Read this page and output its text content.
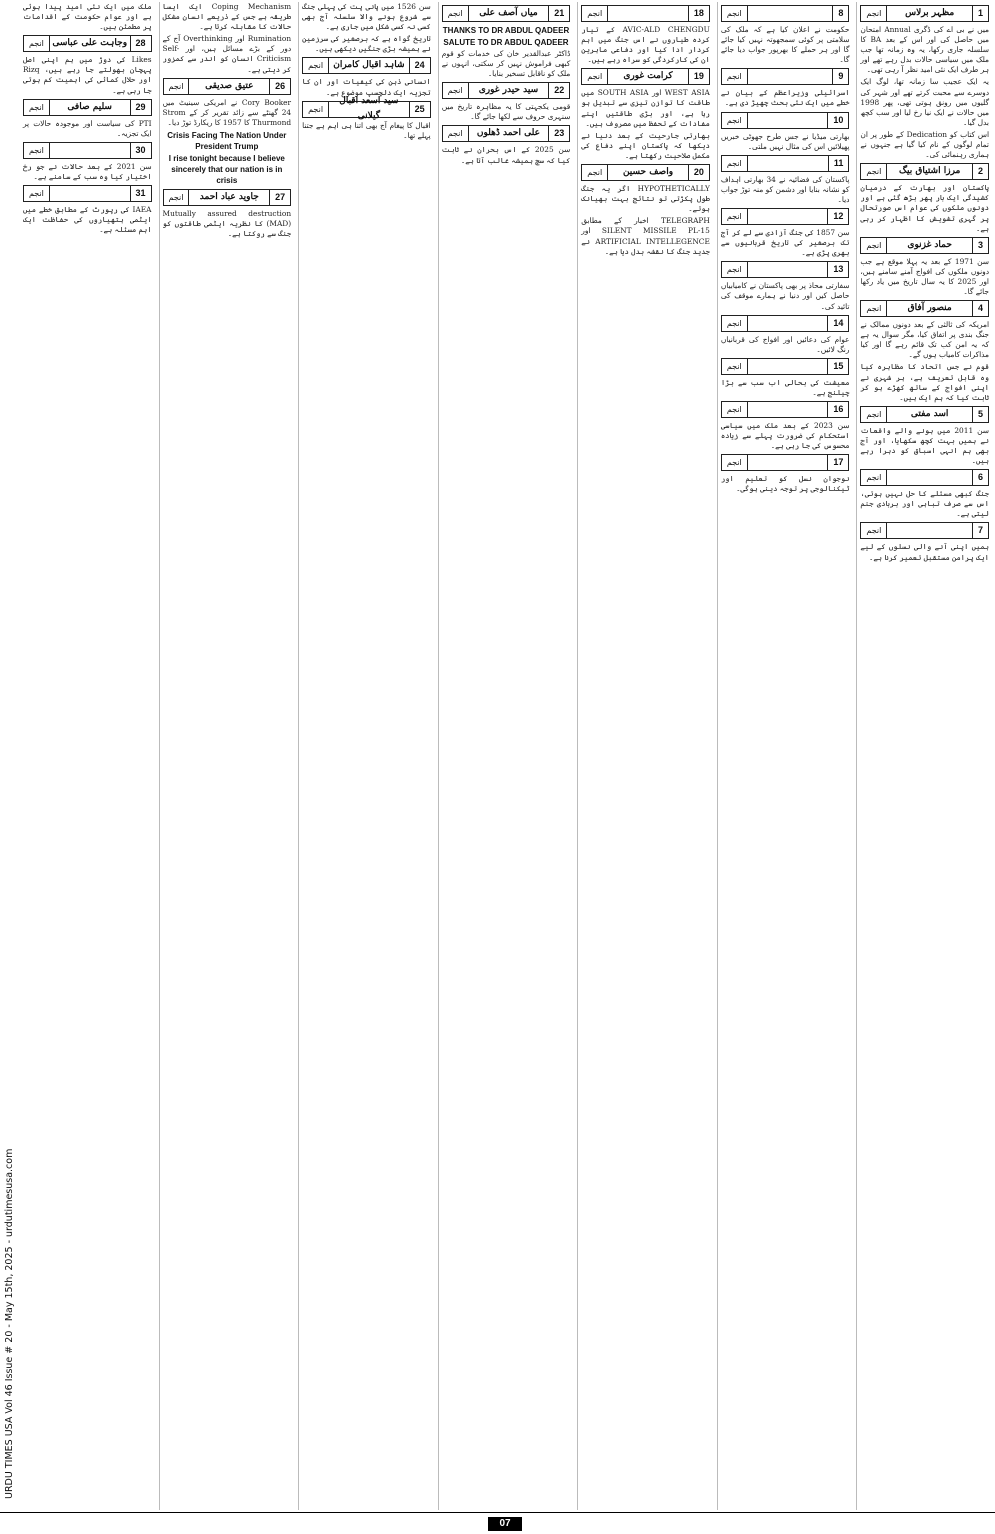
URDU TIMES USA Vol 46 Issue # 20 - May 15th, 2025 - urdutimesusa.com
1
مظہر برلاس
انجم

میں نے بی اے کی ڈگری Annual امتحان میں حاصل کی اور اس کے بعد BA کا سلسلہ جاری رکھا، یہ وہ زمانہ تھا جب ملک میں سیاسی حالات بدل رہے تھے اور ہر طرف ایک نئی امید نظر آ رہی تھی۔

یہ ایک عجیب سا زمانہ تھا، لوگ ایک دوسرے سے محبت کرتے تھے اور شہر کی گلیوں میں رونق ہوتی تھی، پھر 1998 میں حالات نے ایک نیا رخ لیا اور سب کچھ بدل گیا۔

اس کتاب کو Dedication کے طور پر ان تمام لوگوں کے نام کیا گیا ہے جنہوں نے ہماری رہنمائی کی۔

2
مرزا اشتیاق بیگ
انجم

پاکستان اور بھارت کے درمیان کشیدگی ایک بار پھر بڑھ گئی ہے اور دونوں ملکوں کی عوام اس صورتحال پر گہری تشویش کا اظہار کر رہی ہے۔

3
حماد غزنوی
انجم

سن 1971 کے بعد یہ پہلا موقع ہے جب دونوں ملکوں کی افواج آمنے سامنے ہیں، اور 2025 کا یہ سال تاریخ میں یاد رکھا جائے گا۔

4
منصور آفاق
انجم

امریکہ کی ثالثی کے بعد دونوں ممالک نے جنگ بندی پر اتفاق کیا، مگر سوال یہ ہے کہ یہ امن کب تک قائم رہے گا اور کیا مذاکرات کامیاب ہوں گے۔

قوم نے جس اتحاد کا مظاہرہ کیا وہ قابل تعریف ہے، ہر شہری نے اپنی افواج کے ساتھ کھڑے ہو کر ثابت کیا کہ ہم ایک ہیں۔

5
اسد مفتی
انجم

سن 2011 میں ہونے والے واقعات نے ہمیں بہت کچھ سکھایا، اور آج بھی ہم انہی اسباق کو دہرا رہے ہیں۔

6
انجم

جنگ کبھی مسئلے کا حل نہیں ہوتی، اس سے صرف تباہی اور بربادی جنم لیتی ہے۔

7
انجم

ہمیں اپنی آنے والی نسلوں کے لیے ایک پرامن مستقبل تعمیر کرنا ہے۔

8
انجم

حکومت نے اعلان کیا ہے کہ ملک کی سلامتی پر کوئی سمجھوتہ نہیں کیا جائے گا اور ہر حملے کا بھرپور جواب دیا جائے گا۔

9
انجم

اسرائیلی وزیراعظم کے بیان نے خطے میں ایک نئی بحث چھیڑ دی ہے۔

10
انجم

بھارتی میڈیا نے جس طرح جھوٹی خبریں پھیلائیں اس کی مثال نہیں ملتی۔

11
انجم

پاکستان کی فضائیہ نے 34 بھارتی اہداف کو نشانہ بنایا اور دشمن کو منہ توڑ جواب دیا۔

12
انجم

سن 1857 کی جنگ آزادی سے لے کر آج تک برصغیر کی تاریخ قربانیوں سے بھری پڑی ہے۔

13
انجم

سفارتی محاذ پر بھی پاکستان نے کامیابیاں حاصل کیں اور دنیا نے ہمارے موقف کی تائید کی۔

14
انجم

عوام کی دعائیں اور افواج کی قربانیاں رنگ لائیں۔

15
انجم

معیشت کی بحالی اب سب سے بڑا چیلنج ہے۔

16
انجم

سن 2023 کے بعد ملک میں سیاسی استحکام کی ضرورت پہلے سے زیادہ محسوس کی جا رہی ہے۔

17
انجم

نوجوان نسل کو تعلیم اور ٹیکنالوجی پر توجہ دینی ہوگی۔

18
انجم

AVIC-ALD CHENGDU کے تیار کردہ طیاروں نے اس جنگ میں اہم کردار ادا کیا اور دفاعی ماہرین ان کی کارکردگی کو سراہ رہے ہیں۔

19
کرامت غوری
انجم

WEST ASIA اور SOUTH ASIA میں طاقت کا توازن تیزی سے تبدیل ہو رہا ہے، اور بڑی طاقتیں اپنے مفادات کے تحفظ میں مصروف ہیں۔

بھارتی جارحیت کے بعد دنیا نے دیکھا کہ پاکستان اپنے دفاع کی مکمل صلاحیت رکھتا ہے۔

20
واصف حسین
انجم

HYPOTHETICALLY اگر یہ جنگ طول پکڑتی تو نتائج بہت بھیانک ہوتے۔

TELEGRAPH اخبار کے مطابق SILENT MISSILE PL-15 اور ARTIFICIAL INTELLEGENCE نے جدید جنگ کا نقشہ بدل دیا ہے۔

21
میاں آصف علی
انجم

THANKS TO DR ABDUL QADEER

SALUTE TO DR ABDUL QADEER

ڈاکٹر عبدالقدیر خان کی خدمات کو قوم کبھی فراموش نہیں کر سکتی، انہوں نے ملک کو ناقابل تسخیر بنایا۔

22
سید حیدر غوری
انجم

قومی یکجہتی کا یہ مظاہرہ تاریخ میں سنہری حروف سے لکھا جائے گا۔

23
علی احمد ڈھلوں
انجم

سن 2025 کے اس بحران نے ثابت کیا کہ سچ ہمیشہ غالب آتا ہے۔

سن 1526 میں پانی پت کی پہلی جنگ سے شروع ہونے والا سلسلہ آج بھی کسی نہ کسی شکل میں جاری ہے۔

تاریخ گواہ ہے کہ برصغیر کی سرزمین نے ہمیشہ بڑی جنگیں دیکھی ہیں۔

24
شاہد اقبال کامران
انجم

انسانی ذہن کی کیفیات اور ان کا تجزیہ ایک دلچسپ موضوع ہے۔

25
سید اسعد اقبال گیلانی
انجم

اقبال کا پیغام آج بھی اتنا ہی اہم ہے جتنا پہلے تھا۔

Coping Mechanism ایک ایسا طریقہ ہے جس کے ذریعے انسان مشکل حالات کا مقابلہ کرتا ہے۔

Rumination اور Overthinking آج کے دور کے بڑے مسائل ہیں، اور Self-Criticism انسان کو اندر سے کمزور کر دیتی ہے۔

26
عتیق صدیقی
انجم

Cory Booker نے امریکی سینیٹ میں 24 گھنٹے سے زائد تقریر کر کے Strom Thurmond کا 1957 کا ریکارڈ توڑ دیا۔

Crisis Facing The Nation Under President Trump

I rise tonight because I believe sincerely that our nation is in crisis

27
جاوید عباد احمد
انجم

Mutually assured destruction (MAD) کا نظریہ ایٹمی طاقتوں کو جنگ سے روکتا ہے۔

ملک میں ایک نئی امید پیدا ہوئی ہے اور عوام حکومت کے اقدامات پر مطمئن ہیں۔

28
وجاہت علی عباسی
انجم

Likes کی دوڑ میں ہم اپنی اصل پہچان بھولتے جا رہے ہیں، Rizq اور حلال کمائی کی اہمیت کم ہوتی جا رہی ہے۔

29
سلیم صافی
انجم

PTI کی سیاست اور موجودہ حالات پر ایک تجزیہ۔

30
انجم

سن 2021 کے بعد حالات نے جو رخ اختیار کیا وہ سب کے سامنے ہے۔

31
انجم

IAEA کی رپورٹ کے مطابق خطے میں ایٹمی ہتھیاروں کی حفاظت ایک اہم مسئلہ ہے۔

07
